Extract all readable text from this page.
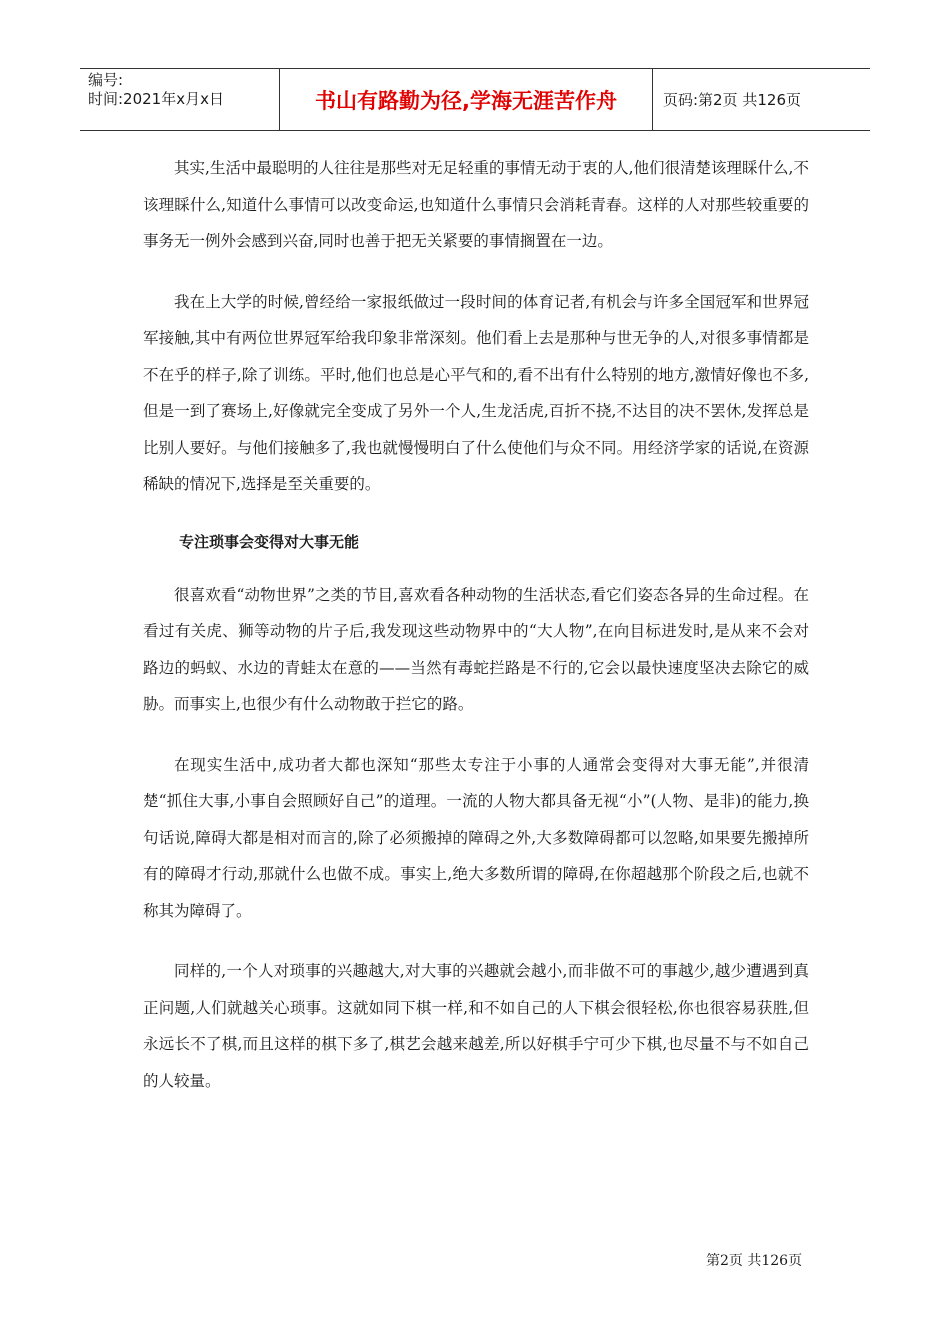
编号:
时间:2021年x月x日	书山有路勤为径,学海无涯苦作舟	页码:第2页 共126页

其实,生活中最聪明的人往往是那些对无足轻重的事情无动于衷的人,他们很清楚该理睬什么,不该理睬什么,知道什么事情可以改变命运,也知道什么事情只会消耗青春。这样的人对那些较重要的事务无一例外会感到兴奋,同时也善于把无关紧要的事情搁置在一边。

我在上大学的时候,曾经给一家报纸做过一段时间的体育记者,有机会与许多全国冠军和世界冠军接触,其中有两位世界冠军给我印象非常深刻。他们看上去是那种与世无争的人,对很多事情都是不在乎的样子,除了训练。平时,他们也总是心平气和的,看不出有什么特别的地方,激情好像也不多,但是一到了赛场上,好像就完全变成了另外一个人,生龙活虎,百折不挠,不达目的决不罢休,发挥总是比别人要好。与他们接触多了,我也就慢慢明白了什么使他们与众不同。用经济学家的话说,在资源稀缺的情况下,选择是至关重要的。

专注琐事会变得对大事无能

很喜欢看“动物世界”之类的节目,喜欢看各种动物的生活状态,看它们姿态各异的生命过程。在看过有关虎、狮等动物的片子后,我发现这些动物界中的“大人物”,在向目标进发时,是从来不会对路边的蚂蚁、水边的青蛙太在意的——当然有毒蛇拦路是不行的,它会以最快速度坚决去除它的威胁。而事实上,也很少有什么动物敢于拦它的路。

在现实生活中,成功者大都也深知“那些太专注于小事的人通常会变得对大事无能”,并很清楚“抓住大事,小事自会照顾好自己”的道理。一流的人物大都具备无视“小”(人物、是非)的能力,换句话说,障碍大都是相对而言的,除了必须搬掉的障碍之外,大多数障碍都可以忽略,如果要先搬掉所有的障碍才行动,那就什么也做不成。事实上,绝大多数所谓的障碍,在你超越那个阶段之后,也就不称其为障碍了。

同样的,一个人对琐事的兴趣越大,对大事的兴趣就会越小,而非做不可的事越少,越少遭遇到真正问题,人们就越关心琐事。这就如同下棋一样,和不如自己的人下棋会很轻松,你也很容易获胜,但永远长不了棋,而且这样的棋下多了,棋艺会越来越差,所以好棋手宁可少下棋,也尽量不与不如自己的人较量。

第2页 共126页
